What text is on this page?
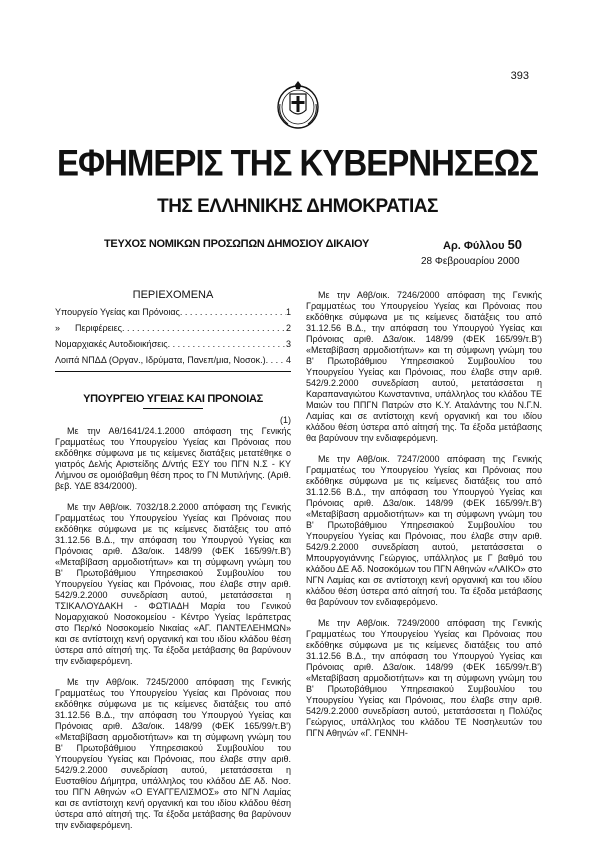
393
ΕΦΗΜΕΡΙΣ ΤΗΣ ΚΥΒΕΡΝΗΣΕΩΣ
ΤΗΣ ΕΛΛΗΝΙΚΗΣ ΔΗΜΟΚΡΑΤΙΑΣ
ΤΕΥΧΟΣ ΝΟΜΙΚΩΝ ΠΡΟΣΩΠΩΝ ΔΗΜΟΣΙΟΥ ΔΙΚΑΙΟΥ	Αρ. Φύλλου 50
28 Φεβρουαρίου 2000
ΠΕΡΙΕΧΟΜΕΝΑ
Υπουργείο Υγείας και Πρόνοιας . . .	1
»      Περιφέρειες . . .	2
Νομαρχιακές Αυτοδιοικήσεις . . .	3
Λοιπά ΝΠΔΔ (Οργαν., Ιδρύματα, Πανεπ/μια, Νοσοκ.) . . . 4
ΥΠΟΥΡΓΕΙΟ ΥΓΕΙΑΣ ΚΑΙ ΠΡΟΝΟΙΑΣ
(1)

Με την Αθ/1641/24.1.2000 απόφαση της Γενικής Γραμματέως του Υπουργείου Υγείας και Πρόνοιας που εκδόθηκε σύμφωνα με τις κείμενες διατάξεις μετατέθηκε ο γιατρός Δελής Αριστείδης Δ/ντής ΕΣΥ του ΠΓΝ Ν.Σ - ΚΥ Λήμνου σε ομοιόβαθμη θέση προς το ΓΝ Μυτιλήνης. (Αριθ. βεβ. ΥΔΕ 834/2000).

Με την Αθβ/οικ. 7032/18.2.2000 απόφαση της Γενικής Γραμματέως του Υπουργείου Υγείας και Πρόνοιας που εκδόθηκε σύμφωνα με τις κείμενες διατάξεις του από 31.12.56 Β.Δ., την απόφαση του Υπουργού Υγείας και Πρόνοιας αριθ. Δ3α/οικ. 148/99 (ΦΕΚ 165/99/τ.Β') «Μεταβίβαση αρμοδιοτήτων» και τη σύμφωνη γνώμη του Β' Πρωτοβάθμιου Υπηρεσιακού Συμβουλίου του Υπουργείου Υγείας και Πρόνοιας, που έλαβε στην αριθ. 542/9.2.2000 συνεδρίαση αυτού, μετατάσσεται η ΤΣΙΚΑΛΟΥΔΑΚΗ - ΦΩΤΙΑΔΗ Μαρία του Γενικού Νομαρχιακού Νοσοκομείου - Κέντρο Υγείας Ιεράπετρας στο Περ/κό Νοσοκομείο Νικαίας «ΑΓ. ΠΑΝΤΕΛΕΗΜΩΝ» και σε αντίστοιχη κενή οργανική και του ιδίου κλάδου θέση ύστερα από αίτησή της. Τα έξοδα μετάβασης θα βαρύνουν την ενδιαφερόμενη.

Με την Αθβ/οικ. 7245/2000 απόφαση της Γενικής Γραμματέως του Υπουργείου Υγείας και Πρόνοιας που εκδόθηκε σύμφωνα με τις κείμενες διατάξεις του από 31.12.56 Β.Δ., την απόφαση του Υπουργού Υγείας και Πρόνοιας αριθ. Δ3α/οικ. 148/99 (ΦΕΚ 165/99/τ.Β') «Μεταβίβαση αρμοδιοτήτων» και τη σύμφωνη γνώμη του Β' Πρωτοβάθμιου Υπηρεσιακού Συμβουλίου του Υπουργείου Υγείας και Πρόνοιας, που έλαβε στην αριθ. 542/9.2.2000 συνεδρίαση αυτού, μετατάσσεται η Ευσταθίου Δήμητρα, υπάλληλος του κλάδου ΔΕ Αδ. Νοσ. του ΠΓΝ Αθηνών «Ο ΕΥΑΓΓΕΛΙΣΜΟΣ» στο ΝΓΝ Λαμίας και σε αντίστοιχη κενή οργανική και του ιδίου κλάδου θέση ύστερα από αίτησή της. Τα έξοδα μετάβασης θα βαρύνουν την ενδιαφερόμενη.

Με την Αθβ/οικ. 7246/2000 απόφαση της Γενικής Γραμματέως του Υπουργείου Υγείας και Πρόνοιας που εκδόθηκε σύμφωνα με τις κείμενες διατάξεις του από 31.12.56 Β.Δ., την απόφαση του Υπουργού Υγείας και Πρόνοιας αριθ. Δ3α/οικ. 148/99 (ΦΕΚ 165/99/τ.Β') «Μεταβίβαση αρμοδιοτήτων» και τη σύμφωνη γνώμη του Β' Πρωτοβάθμιου Υπηρεσιακού Συμβουλίου του Υπουργείου Υγείας και Πρόνοιας, που έλαβε στην αριθ. 542/9.2.2000 συνεδρίαση αυτού, μετατάσσεται η Καραπαναγιώτου Κωνσταντινα, υπάλληλος του κλάδου ΤΕ Μαιών του ΠΠΓΝ Πατρών στο Κ.Υ. Αταλάντης του Ν.Γ.Ν. Λαμίας και σε αντίστοιχη κενή οργανική και του ιδίου κλάδου θέση ύστερα από αίτησή της. Τα έξοδα μετάβασης θα βαρύνουν την ενδιαφερόμενη.

Με την Αθβ/οικ. 7247/2000 απόφαση της Γενικής Γραμματέως του Υπουργείου Υγείας και Πρόνοιας που εκδόθηκε σύμφωνα με τις κείμενες διατάξεις του από 31.12.56 Β.Δ., την απόφαση του Υπουργού Υγείας και Πρόνοιας αριθ. Δ3α/οικ. 148/99 (ΦΕΚ 165/99/τ.Β') «Μεταβίβαση αρμοδιοτήτων» και τη σύμφωνη γνώμη του Β' Πρωτοβάθμιου Υπηρεσιακού Συμβουλίου του Υπουργείου Υγείας και Πρόνοιας, που έλαβε στην αριθ. 542/9.2.2000 συνεδρίαση αυτού, μετατάσσεται ο Μπουργογιάννης Γεώργιος, υπάλληλος με Γ βαθμό του κλάδου ΔΕ Αδ. Νοσοκόμων του ΠΓΝ Αθηνών «ΛΑΙΚΟ» στο ΝΓΝ Λαμίας και σε αντίστοιχη κενή οργανική και του ιδίου κλάδου θέση ύστερα από αίτησή του. Τα έξοδα μετάβασης θα βαρύνουν τον ενδιαφερόμενο.

Με την Αθβ/οικ. 7249/2000 απόφαση της Γενικής Γραμματέως του Υπουργείου Υγείας και Πρόνοιας που εκδόθηκε σύμφωνα με τις κείμενες διατάξεις του από 31.12.56 Β.Δ., την απόφαση του Υπουργού Υγείας και Πρόνοιας αριθ. Δ3α/οικ. 148/99 (ΦΕΚ 165/99/τ.Β') «Μεταβίβαση αρμοδιοτήτων» και τη σύμφωνη γνώμη του Β' Πρωτοβάθμιου Υπηρεσιακού Συμβουλίου του Υπουργείου Υγείας και Πρόνοιας, που έλαβε στην αριθ. 542/9.2.2000 συνεδρίαση αυτού, μετατάσσεται η Πολύζος Γεώργιος, υπάλληλος του κλάδου ΤΕ Νοσηλευτών του ΠΓΝ Αθηνών «Γ. ΓΕΝΝΗ-
